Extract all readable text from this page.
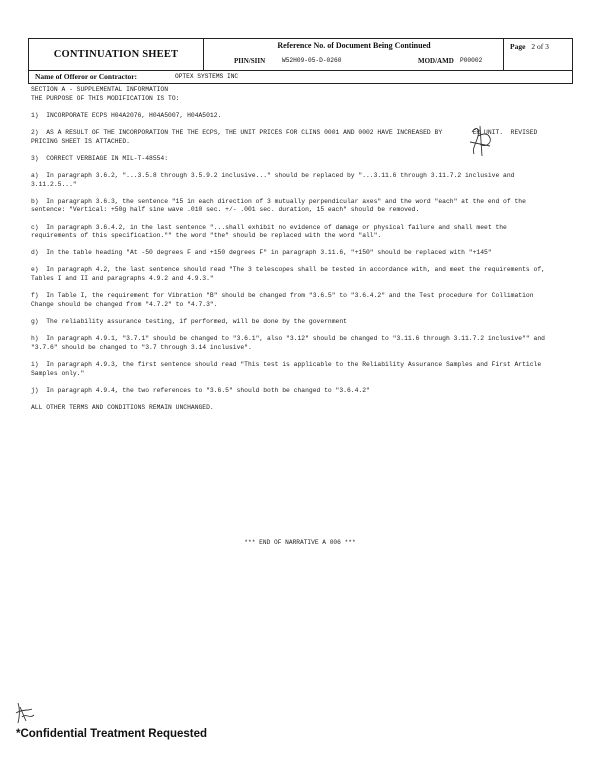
CONTINUATION SHEET
Reference No. of Document Being Continued
PIIN/SIIN	W52H09-05-D-0260	MOD/AMD P00002
Page 2 of 3
Name of Offeror or Contractor:	OPTEX SYSTEMS INC
SECTION A - SUPPLEMENTAL INFORMATION
THE PURPOSE OF THIS MODIFICATION IS TO:
1)  INCORPORATE ECPS H04A2076, H04A5007, H04A5012.
2)  AS A RESULT OF THE INCORPORATION THE THE ECPS, THE UNIT PRICES FOR CLINS 0001 AND 0002 HAVE INCREASED BY        ER UNIT.  REVISED
PRICING SHEET IS ATTACHED.
3)  CORRECT VERBIAGE IN MIL-T-48554:
a)  In paragraph 3.6.2, "...3.5.8 through 3.5.9.2 inclusive..." should be replaced by "...3.11.6 through 3.11.7.2 inclusive and
3.11.2.5..."
b)  In paragraph 3.6.3, the sentence "15 in each direction of 3 mutually perpendicular axes" and the word "each" at the end of the
sentence: "Vertical: +50g half sine wave .010 sec. +/- .001 sec. duration, 15 each" should be removed.
c)  In paragraph 3.6.4.2, in the last sentence "...shall exhibit no evidence of damage or physical failure and shall meet the
requirements of this specification."" the word "the" should be replaced with the word "all".
d)  In the table heading "At -50 degrees F and +150 degrees F" in paragraph 3.11.6, "+150" should be replaced with "+145"
e)  In paragraph 4.2, the last sentence should read "The 3 telescopes shall be tested in accordance with, and meet the requirements of,
Tables I and II and paragraphs 4.9.2 and 4.9.3."
f)  In Table I, the requirement for Vibration "B" should be changed from "3.6.5" to "3.6.4.2" and the Test procedure for Collimation
Change should be changed from "4.7.2" to "4.7.3".
g)  The reliability assurance testing, if performed, will be done by the government
h)  In paragraph 4.9.1, "3.7.1" should be changed to "3.6.1", also "3.12" should be changed to "3.11.6 through 3.11.7.2 inclusive"" and
"3.7.6" should be changed to "3.7 through 3.14 inclusive".
i)  In paragraph 4.9.3, the first sentence should read "This test is applicable to the Reliability Assurance Samples and First Article
Samples only."
j)  In paragraph 4.9.4, the two references to "3.6.5" should both be changed to "3.6.4.2"
ALL OTHER TERMS AND CONDITIONS REMAIN UNCHANGED.
*** END OF NARRATIVE A 006 ***
*Confidential Treatment Requested
